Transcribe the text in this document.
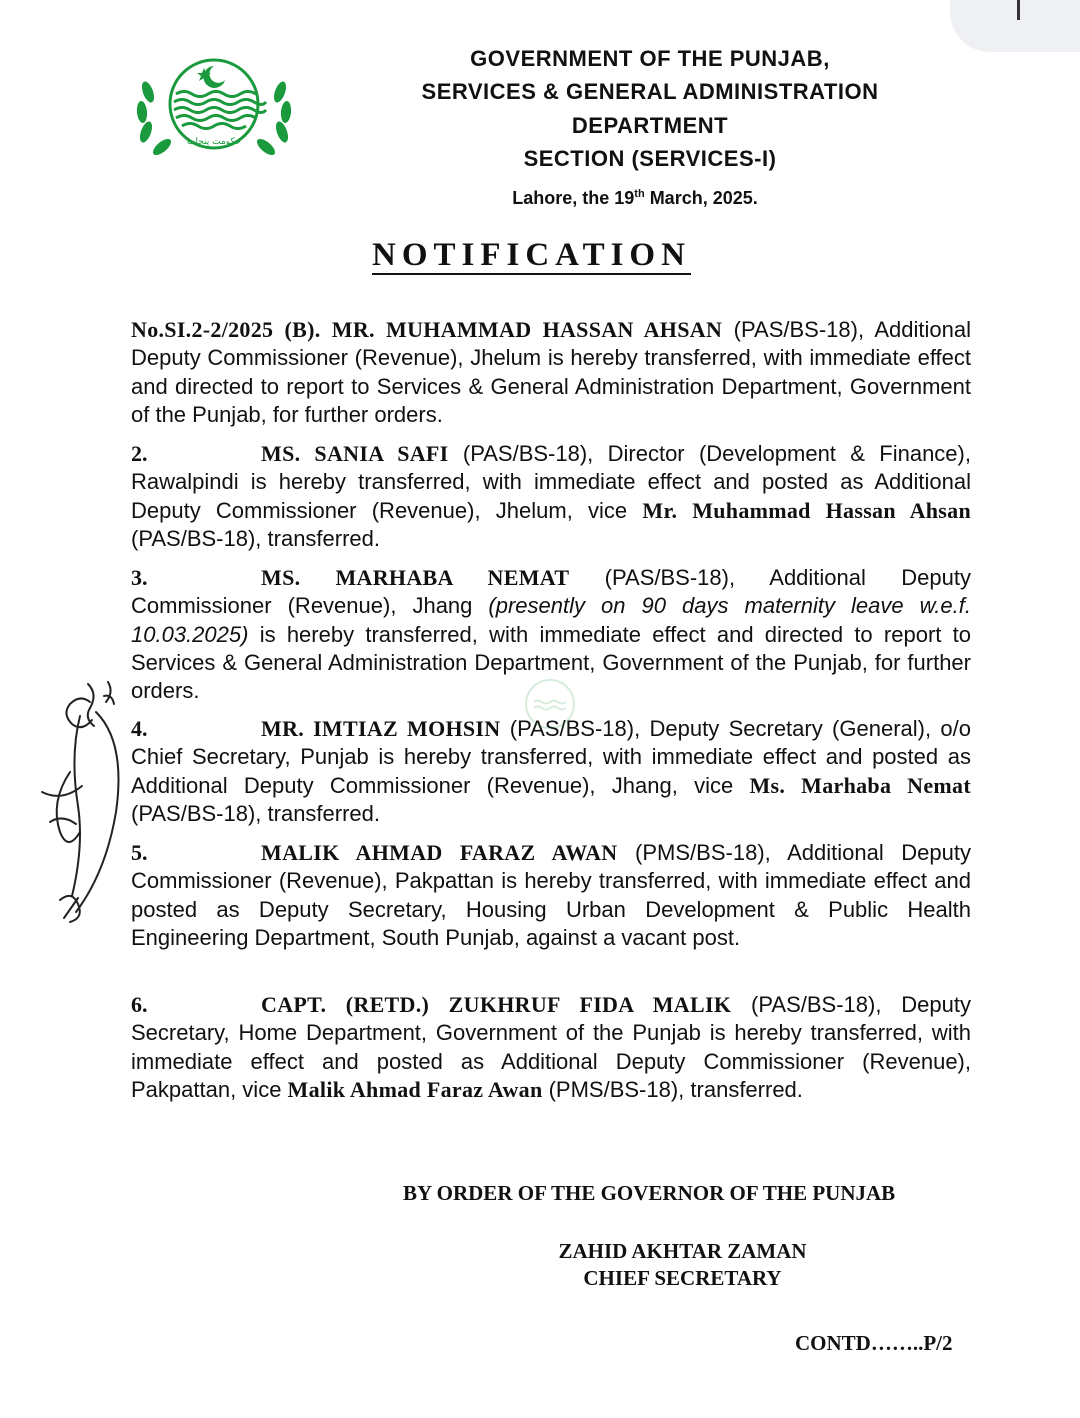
حکومت پنجاب
GOVERNMENT OF THE PUNJAB,
SERVICES & GENERAL ADMINISTRATION
DEPARTMENT
SECTION (SERVICES-I)
Lahore, the 19th March, 2025.
NOTIFICATION
No.SI.2-2/2025 (B). MR. MUHAMMAD HASSAN AHSAN (PAS/BS-18), Additional Deputy Commissioner (Revenue), Jhelum is hereby transferred, with immediate effect and directed to report to Services & General Administration Department, Government of the Punjab, for further orders.
2.	MS. SANIA SAFI (PAS/BS-18), Director (Development & Finance), Rawalpindi is hereby transferred, with immediate effect and posted as Additional Deputy Commissioner (Revenue), Jhelum, vice Mr. Muhammad Hassan Ahsan (PAS/BS-18), transferred.
3.	MS. MARHABA NEMAT (PAS/BS-18), Additional Deputy Commissioner (Revenue), Jhang (presently on 90 days maternity leave w.e.f. 10.03.2025) is hereby transferred, with immediate effect and directed to report to Services & General Administration Department, Government of the Punjab, for further orders.
4.	MR. IMTIAZ MOHSIN (PAS/BS-18), Deputy Secretary (General), o/o Chief Secretary, Punjab is hereby transferred, with immediate effect and posted as Additional Deputy Commissioner (Revenue), Jhang, vice Ms. Marhaba Nemat (PAS/BS-18), transferred.
5.	MALIK AHMAD FARAZ AWAN (PMS/BS-18), Additional Deputy Commissioner (Revenue), Pakpattan is hereby transferred, with immediate effect and posted as Deputy Secretary, Housing Urban Development & Public Health Engineering Department, South Punjab, against a vacant post.
6.	CAPT. (RETD.) ZUKHRUF FIDA MALIK (PAS/BS-18), Deputy Secretary, Home Department, Government of the Punjab is hereby transferred, with immediate effect and posted as Additional Deputy Commissioner (Revenue), Pakpattan, vice Malik Ahmad Faraz Awan (PMS/BS-18), transferred.
BY ORDER OF THE GOVERNOR OF THE PUNJAB
ZAHID AKHTAR ZAMAN
CHIEF SECRETARY
CONTD……..P/2
